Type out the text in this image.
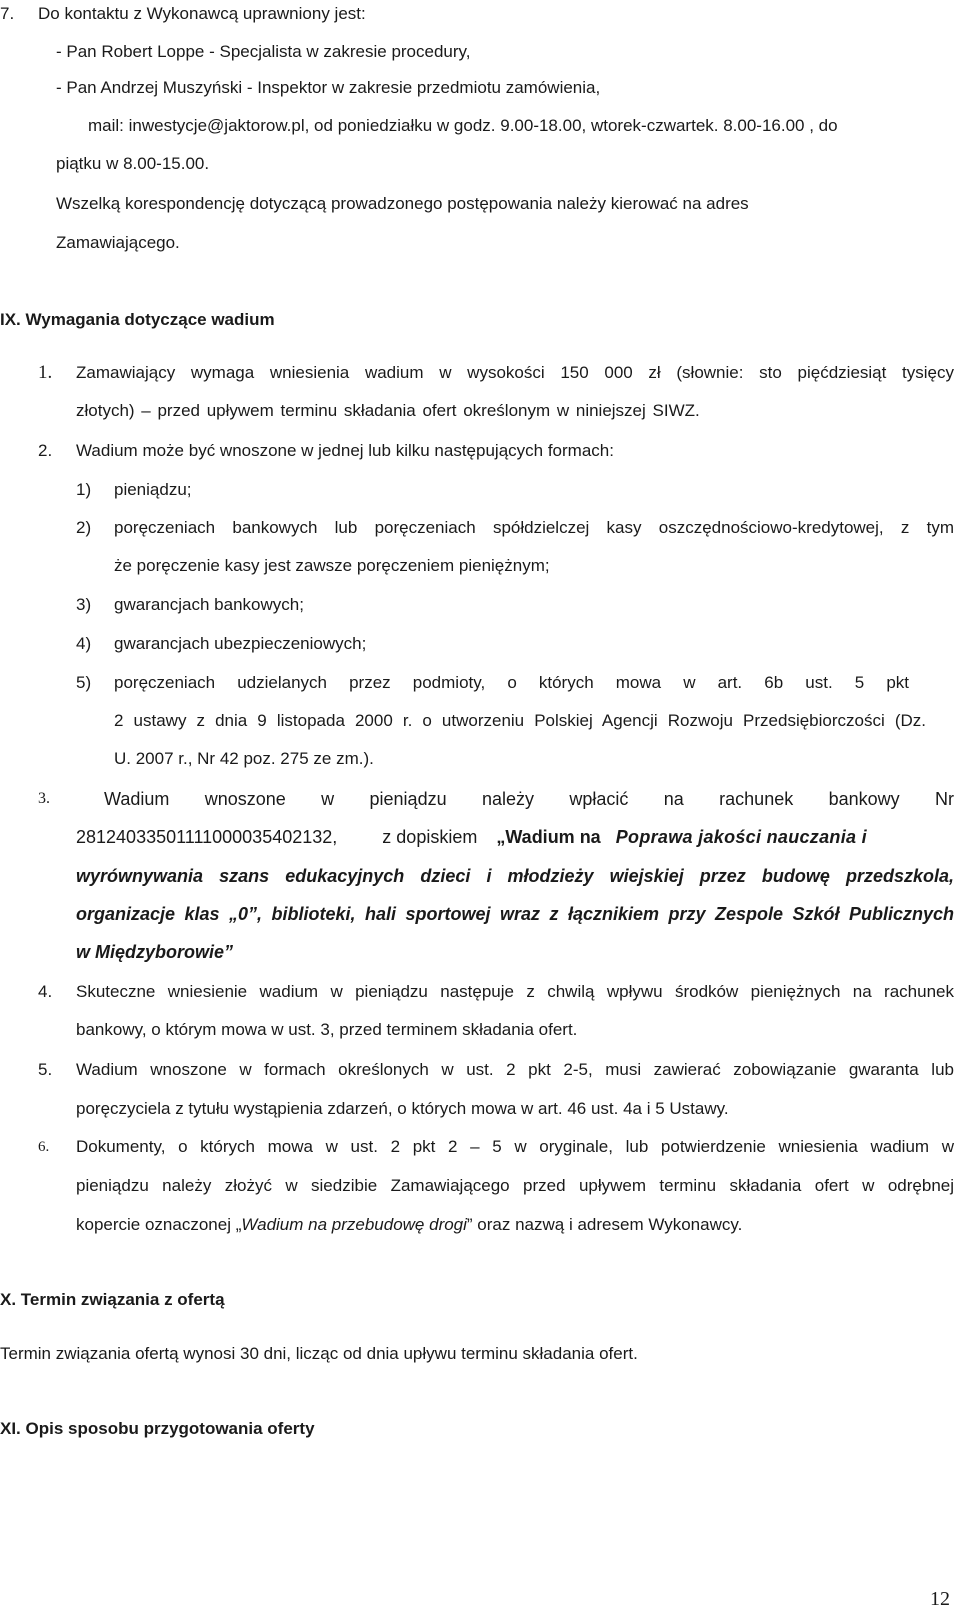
7. Do kontaktu z Wykonawcą uprawniony jest:
- Pan Robert Loppe - Specjalista w zakresie procedury,
- Pan Andrzej Muszyński - Inspektor w zakresie przedmiotu zamówienia,
mail: inwestycje@jaktorow.pl, od poniedziałku w godz. 9.00-18.00, wtorek-czwartek. 8.00-16.00 , do
piątku w 8.00-15.00.
Wszelką korespondencję dotyczącą prowadzonego postępowania należy kierować na adres
Zamawiającego.
IX. Wymagania dotyczące wadium
1. Zamawiający wymaga wniesienia wadium w wysokości 150 000 zł (słownie: sto pięćdziesiąt tysięcy
złotych) – przed upływem terminu składania ofert określonym w niniejszej SIWZ.
2. Wadium może być wnoszone w jednej lub kilku następujących formach:
1) pieniądzu;
2) poręczeniach bankowych lub poręczeniach spółdzielczej kasy oszczędnościowo-kredytowej, z tym
że poręczenie kasy jest zawsze poręczeniem pieniężnym;
3) gwarancjach bankowych;
4) gwarancjach ubezpieczeniowych;
5) poręczeniach udzielanych przez podmioty, o których mowa w art. 6b ust. 5 pkt
2 ustawy z dnia 9 listopada 2000 r. o utworzeniu Polskiej Agencji Rozwoju Przedsiębiorczości (Dz.
U. 2007 r., Nr 42 poz. 275 ze zm.).
3.	Wadium wnoszone w pieniądzu należy wpłacić na rachunek bankowy Nr
28124033501111000035402132,	z dopiskiem „Wadium na Poprawa jakości nauczania i
wyrównywania szans edukacyjnych dzieci i młodzieży wiejskiej przez budowę przedszkola,
organizacje klas „0”, biblioteki, hali sportowej wraz z łącznikiem przy Zespole Szkół Publicznych
w Międzyborowie”
4. Skuteczne wniesienie wadium w pieniądzu następuje z chwilą wpływu środków pieniężnych na rachunek
bankowy, o którym mowa w ust. 3, przed terminem składania ofert.
5. Wadium wnoszone w formach określonych w ust. 2 pkt 2-5, musi zawierać zobowiązanie gwaranta lub
poręczyciela z tytułu wystąpienia zdarzeń, o których mowa w art. 46 ust. 4a i 5 Ustawy.
6. Dokumenty, o których mowa w ust. 2 pkt 2 – 5 w oryginale, lub potwierdzenie wniesienia wadium w
pieniądzu należy złożyć w siedzibie Zamawiającego przed upływem terminu składania ofert w odrębnej
kopercie oznaczonej „Wadium na przebudowę drogi” oraz nazwą i adresem Wykonawcy.
X. Termin związania z ofertą
Termin związania ofertą wynosi 30 dni, licząc od dnia upływu terminu składania ofert.
XI. Opis sposobu przygotowania oferty
12
